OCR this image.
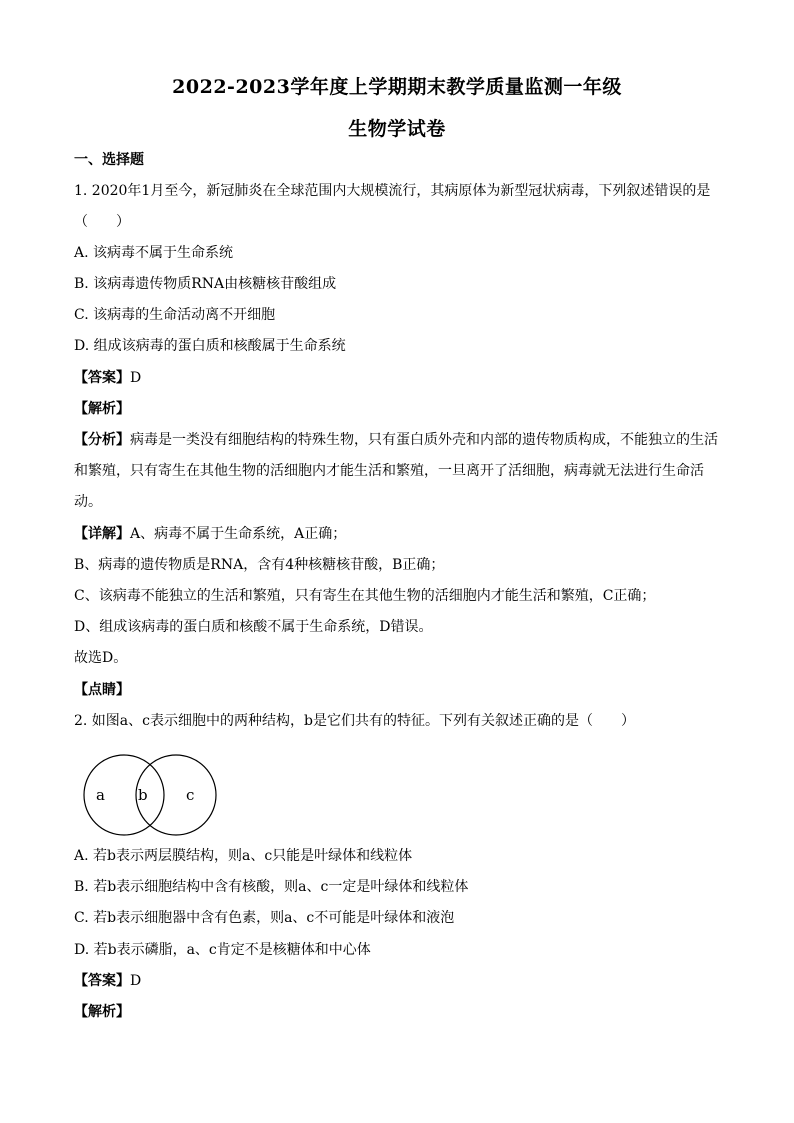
2022-2023学年度上学期期末教学质量监测一年级
生物学试卷
一、选择题
1. 2020年1月至今，新冠肺炎在全球范围内大规模流行，其病原体为新型冠状病毒，下列叙述错误的是
（　　）
A. 该病毒不属于生命系统
B. 该病毒遗传物质RNA由核糖核苷酸组成
C. 该病毒的生命活动离不开细胞
D. 组成该病毒的蛋白质和核酸属于生命系统
【答案】D
【解析】
【分析】病毒是一类没有细胞结构的特殊生物，只有蛋白质外壳和内部的遗传物质构成，不能独立的生活
和繁殖，只有寄生在其他生物的活细胞内才能生活和繁殖，一旦离开了活细胞，病毒就无法进行生命活
动。
【详解】A、病毒不属于生命系统，A正确；
B、病毒的遗传物质是RNA，含有4种核糖核苷酸，B正确；
C、该病毒不能独立的生活和繁殖，只有寄生在其他生物的活细胞内才能生活和繁殖，C正确；
D、组成该病毒的蛋白质和核酸不属于生命系统，D错误。
故选D。
【点睛】
2. 如图a、c表示细胞中的两种结构，b是它们共有的特征。下列有关叙述正确的是（　　）
a b	c
A. 若b表示两层膜结构，则a、c只能是叶绿体和线粒体
B. 若b表示细胞结构中含有核酸，则a、c一定是叶绿体和线粒体
C. 若b表示细胞器中含有色素，则a、c不可能是叶绿体和液泡
D. 若b表示磷脂，a、c肯定不是核糖体和中心体
【答案】D
【解析】
